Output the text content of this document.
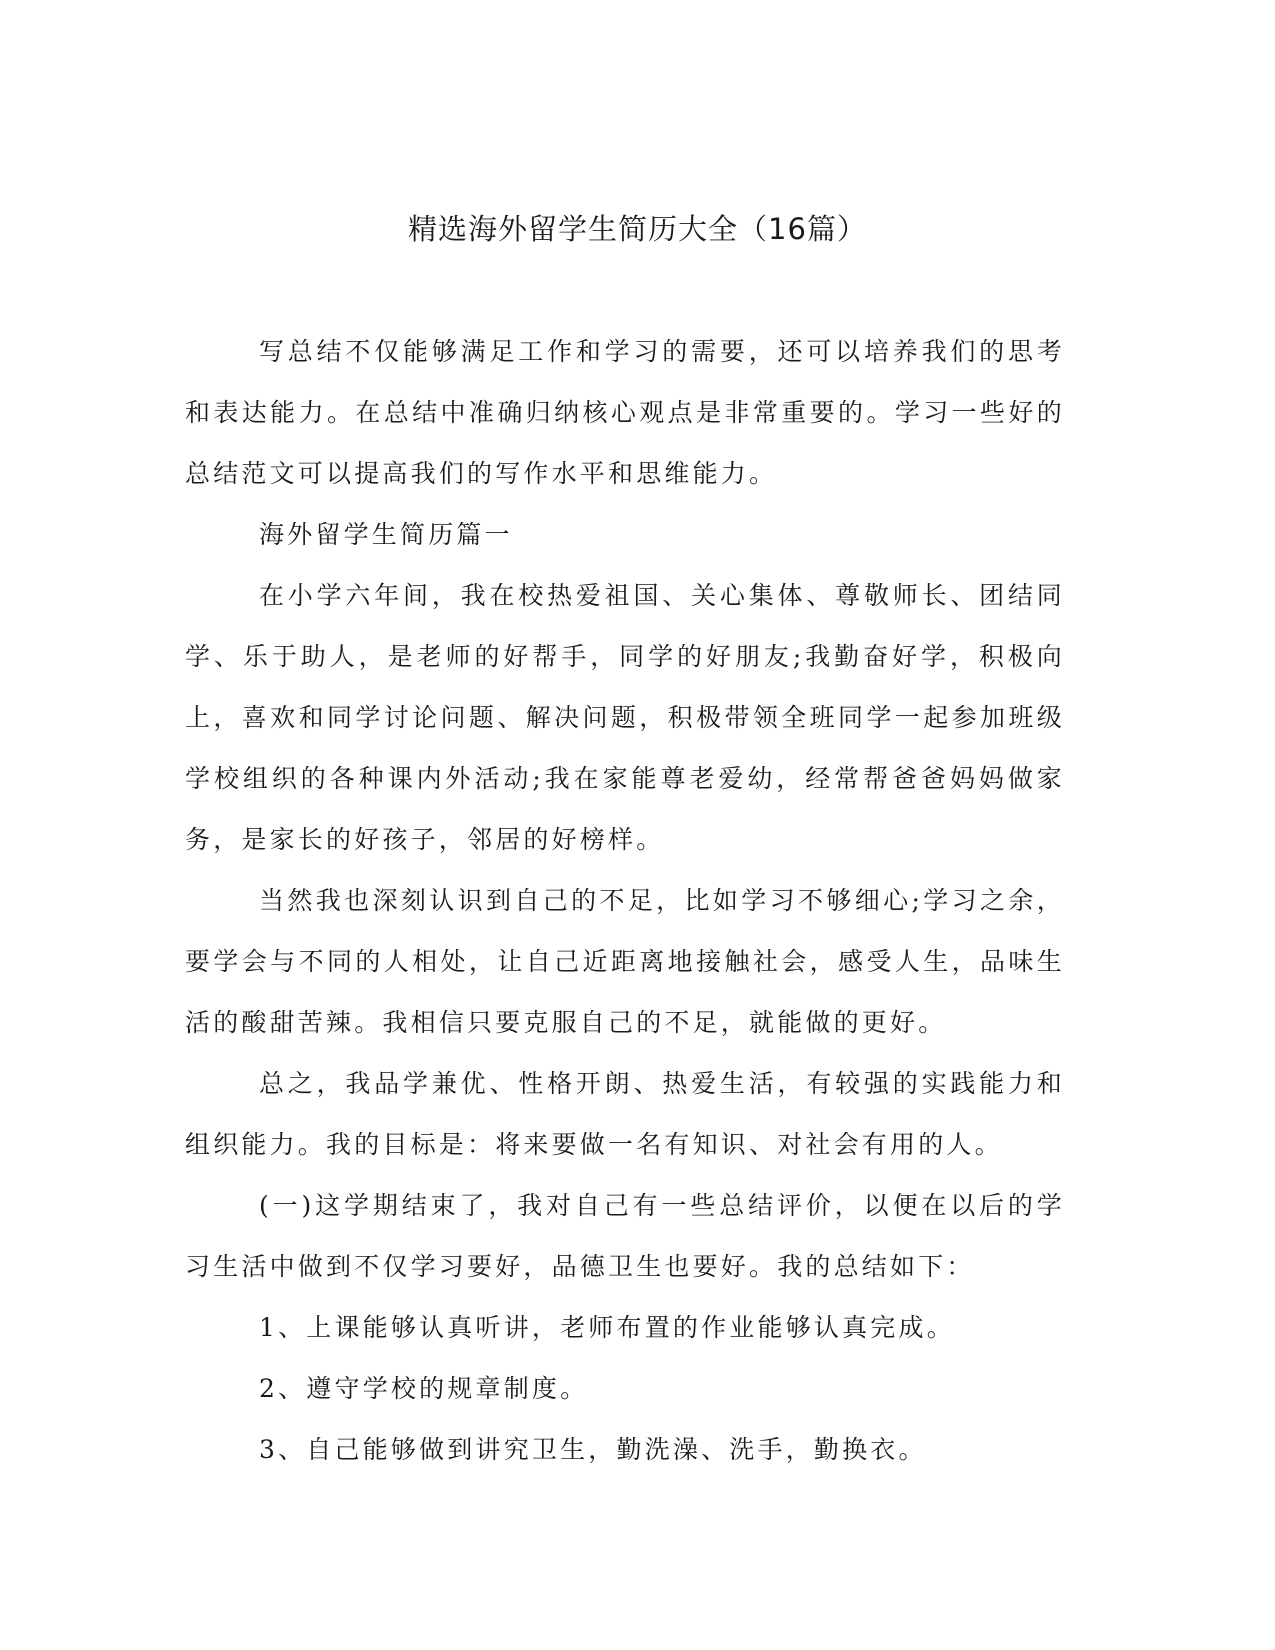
精选海外留学生简历大全（16篇）

写总结不仅能够满足工作和学习的需要，还可以培养我们的思考和表达能力。在总结中准确归纳核心观点是非常重要的。学习一些好的总结范文可以提高我们的写作水平和思维能力。

海外留学生简历篇一

在小学六年间，我在校热爱祖国、关心集体、尊敬师长、团结同学、乐于助人，是老师的好帮手，同学的好朋友;我勤奋好学，积极向上，喜欢和同学讨论问题、解决问题，积极带领全班同学一起参加班级学校组织的各种课内外活动;我在家能尊老爱幼，经常帮爸爸妈妈做家务，是家长的好孩子，邻居的好榜样。

当然我也深刻认识到自己的不足，比如学习不够细心;学习之余，要学会与不同的人相处，让自己近距离地接触社会，感受人生，品味生活的酸甜苦辣。我相信只要克服自己的不足，就能做的更好。

总之，我品学兼优、性格开朗、热爱生活，有较强的实践能力和组织能力。我的目标是：将来要做一名有知识、对社会有用的人。

(一)这学期结束了，我对自己有一些总结评价，以便在以后的学习生活中做到不仅学习要好，品德卫生也要好。我的总结如下：

1、上课能够认真听讲，老师布置的作业能够认真完成。

2、遵守学校的规章制度。

3、自己能够做到讲究卫生，勤洗澡、洗手，勤换衣。
